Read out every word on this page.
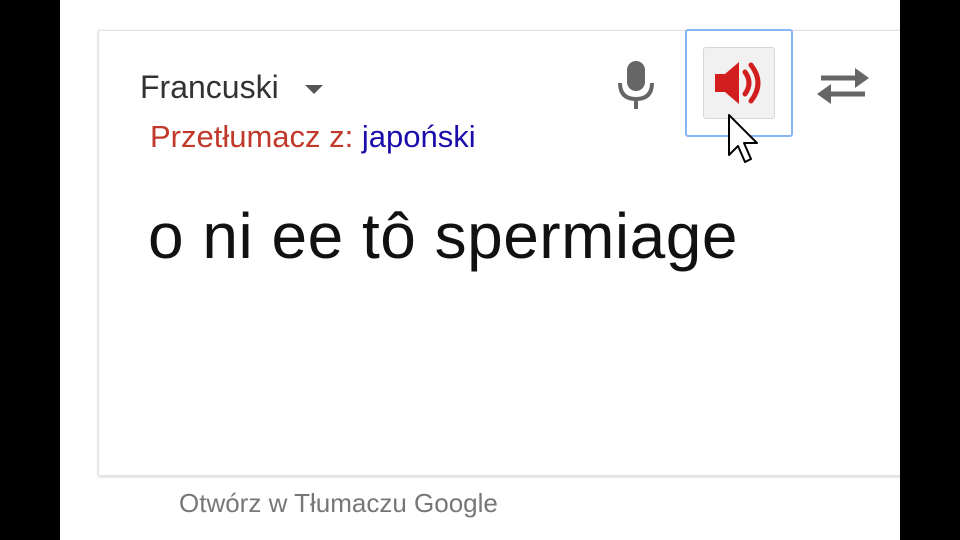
Francuski
Przetłumacz z: japoński
o ni ee tô spermiage
Otwórz w Tłumaczu Google
